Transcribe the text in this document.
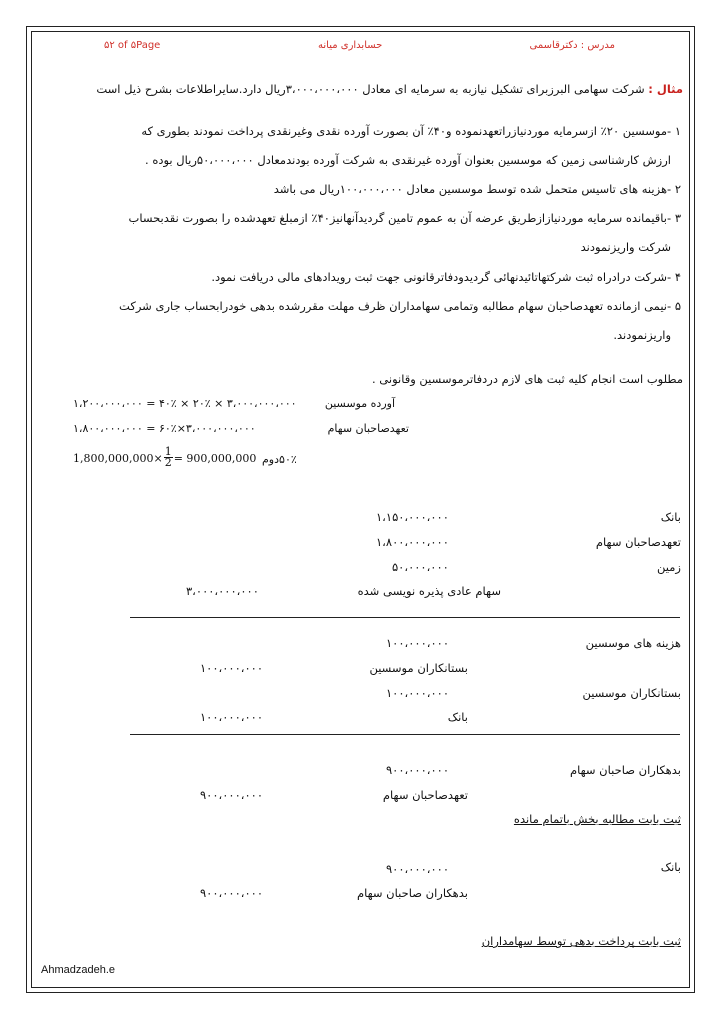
۵۲ of ۵Page	حسابداری میانه	مدرس : دکترقاسمی
مثال : شرکت سهامی البرزبرای تشکیل نیازبه به سرمایه ای معادل ۳،۰۰۰،۰۰۰،۰۰۰ریال دارد.سایراطلاعات بشرح ذیل است
۱ -موسسین ۲۰٪ ازسرمایه موردنیازراتعهدنموده و۴۰٪ آن بصورت آورده نقدی وغیرنقدی پرداخت نمودند بطوری که
ارزش کارشناسی زمین که موسسین بعنوان آورده غیرنقدی به شرکت آورده بودندمعادل ۵۰،۰۰۰،۰۰۰ریال بوده .
۲ -هزینه های تاسیس متحمل شده توسط موسسین معادل ۱۰۰،۰۰۰،۰۰۰ریال می باشد
۳ -باقیمانده سرمایه موردنیازازطریق عرضه آن به عموم تامین گردیدآنهانیز۴۰٪ ازمبلغ تعهدشده را بصورت نقدبحساب
شرکت واریزنمودند
۴ -شرکت درادراه ثبت شرکتهاتائیدنهائی گردیدودفاترقانونی جهت ثبت رویدادهای مالی دریافت نمود.
۵ -نیمی ازمانده تعهدصاحبان سهام مطالبه وتمامی سهامداران ظرف مهلت مقررشده بدهی خودرابحساب جاری شرکت
واریزنمودند.
مطلوب است انجام کلیه ثبت های لازم دردفاترموسسین وقانونی .
آورده موسسین
۳،۰۰۰،۰۰۰،۰۰۰ × ۲۰٪ × ۴۰٪ = ۱،۲۰۰،۰۰۰،۰۰۰
تعهدصاحبان سهام
۳،۰۰۰،۰۰۰،۰۰۰×۶۰٪ = ۱،۸۰۰،۰۰۰،۰۰۰
$1,800,000,000\times \frac{1}{2} = 900,000,000$ ۵۰٪دوم
بانک
۱،۱۵۰،۰۰۰،۰۰۰
تعهدصاحبان سهام
۱،۸۰۰،۰۰۰،۰۰۰
زمین
۵۰،۰۰۰،۰۰۰
سهام عادی پذیره نویسی شده
۳،۰۰۰،۰۰۰،۰۰۰
هزینه های موسسین
۱۰۰،۰۰۰،۰۰۰
بستانکاران موسسین
۱۰۰،۰۰۰،۰۰۰
بستانکاران موسسین
۱۰۰،۰۰۰،۰۰۰
بانک
۱۰۰،۰۰۰،۰۰۰
بدهکاران صاحبان سهام
۹۰۰،۰۰۰،۰۰۰
تعهدصاحبان سهام
۹۰۰،۰۰۰،۰۰۰
ثبت بابت مطالبه بخش باتمام مانده
بانک
۹۰۰،۰۰۰،۰۰۰
بدهکاران صاحبان سهام
۹۰۰،۰۰۰،۰۰۰
ثبت بابت پرداخت بدهی توسط سهامداران
Ahmadzadeh.e
